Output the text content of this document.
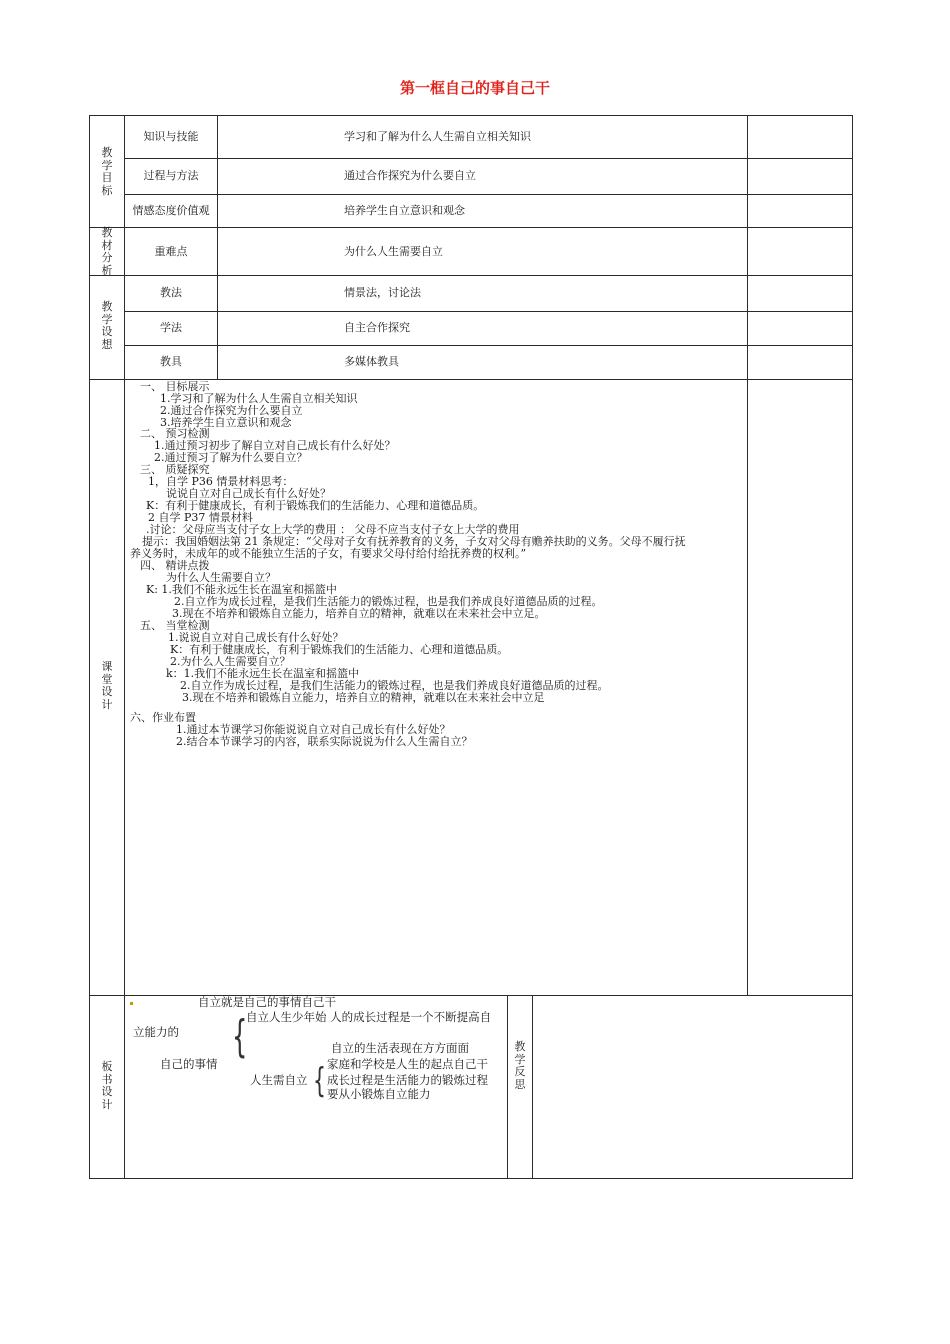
第一框自己的事自己干
教学目标
教材分析
教学设想
课堂设计
板书设计
教学反思
知识与技能
过程与方法
情感态度价值观
重难点
教法
学法
教具
学习和了解为什么人生需自立相关知识
通过合作探究为什么要自立
培养学生自立意识和观念
为什么人生需要自立
情景法，讨论法
自主合作探究
多媒体教具
一、 目标展示
1.学习和了解为什么人生需自立相关知识
2.通过合作探究为什么要自立
3.培养学生自立意识和观念
二、 预习检测
1.通过预习初步了解自立对自己成长有什么好处？
2.通过预习了解为什么要自立？
三、 质疑探究
1，自学 P36 情景材料思考：
说说自立对自己成长有什么好处？
K：有利于健康成长，有利于锻炼我们的生活能力、心理和道德品质。
2 自学 P37 情景材料
.讨论：父母应当支付子女上大学的费用 ： 父母不应当支付子女上大学的费用
提示：我国婚姻法第 21 条规定：“父母对子女有抚养教育的义务，子女对父母有赡养扶助的义务。父母不履行抚
养义务时，未成年的或不能独立生活的子女，有要求父母付给付给抚养费的权利。”
四、 精讲点拨
为什么人生需要自立？
K: 1.我们不能永远生长在温室和摇篮中
2.自立作为成长过程，是我们生活能力的锻炼过程，也是我们养成良好道德品质的过程。
3.现在不培养和锻炼自立能力，培养自立的精神，就难以在未来社会中立足。
五、 当堂检测
1.说说自立对自己成长有什么好处？
K：有利于健康成长，有利于锻炼我们的生活能力、心理和道德品质。
2.为什么人生需要自立？
k：1.我们不能永远生长在温室和摇篮中
2.自立作为成长过程，是我们生活能力的锻炼过程，也是我们养成良好道德品质的过程。
3.现在不培养和锻炼自立能力，培养自立的精神，就难以在未来社会中立足
六、作业布置
1.通过本节课学习你能说说自立对自己成长有什么好处？
2.结合本节课学习的内容，联系实际说说为什么人生需自立？
自立就是自己的事情自己干
{
自立人生少年始 人的成长过程是一个不断提高自
立能力的
自立的生活表现在方方面面
自己的事情	家庭和学校是人生的起点自己干
{
人生需自立 成长过程是生活能力的锻炼过程
要从小锻炼自立能力
